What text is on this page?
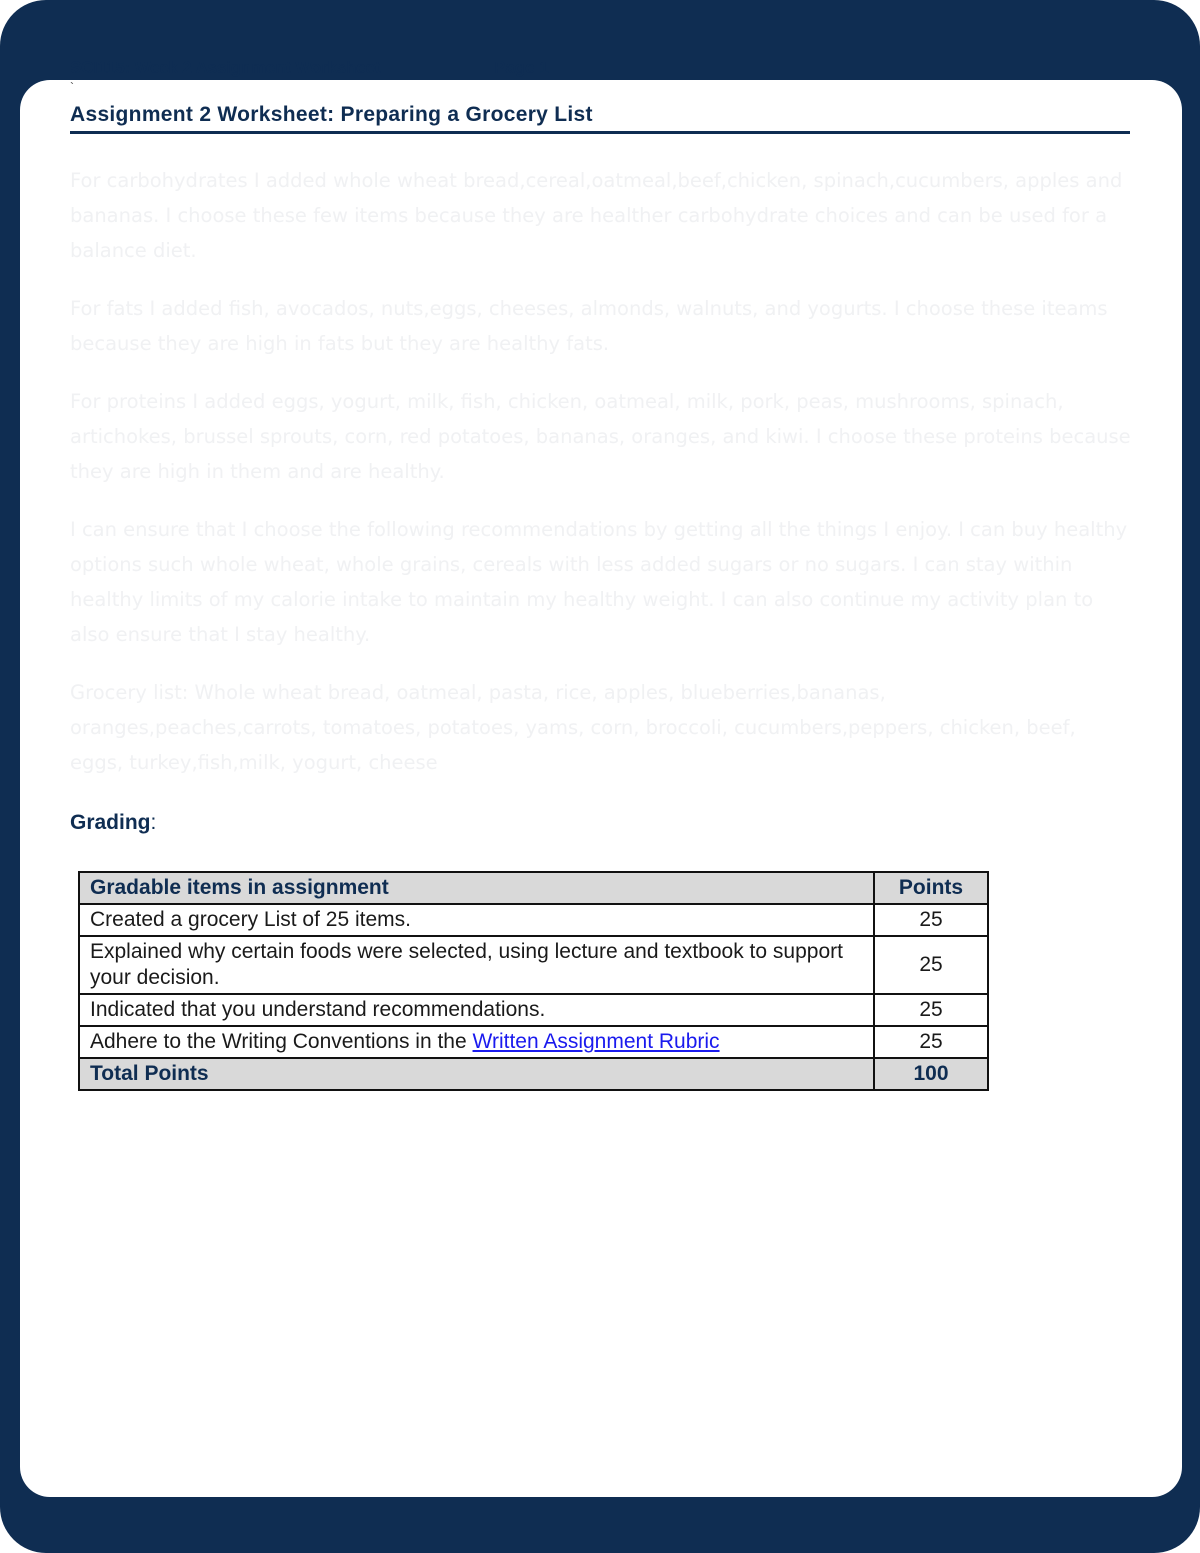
SCI115: Week 2 Assignment Worksheet	Page 1
`
Assignment 2 Worksheet: Preparing a Grocery List

For carbohydrates I added whole wheat bread,cereal,oatmeal,beef,chicken, spinach,cucumbers, apples and bananas. I choose these few items because they are healther carbohydrate choices and can be used for a balance diet.

For fats I added fish, avocados, nuts,eggs, cheeses, almonds, walnuts, and yogurts. I choose these iteams because they are high in fats but they are healthy fats.

For proteins I added eggs, yogurt, milk, fish, chicken, oatmeal, milk, pork, peas, mushrooms, spinach, artichokes, brussel sprouts, corn, red potatoes, bananas, oranges, and kiwi. I choose these proteins because they are high in them and are healthy.

I can ensure that I choose the following recommendations by getting all the things I enjoy. I can buy healthy options such whole wheat, whole grains, cereals with less added sugars or no sugars. I can stay within healthy limits of my calorie intake to maintain my healthy weight. I can also continue my activity plan to also ensure that I stay healthy.

Grocery list: Whole wheat bread, oatmeal, pasta, rice, apples, blueberries,bananas, oranges,peaches,carrots, tomatoes, potatoes, yams, corn, broccoli, cucumbers,peppers, chicken, beef, eggs, turkey,fish,milk, yogurt, cheese

Grading:
Gradable items in assignment	Points
Created a grocery List of 25 items.	25
Explained why certain foods were selected, using lecture and textbook to support your decision.	25
Indicated that you understand recommendations.	25
Adhere to the Writing Conventions in the Written Assignment Rubric	25
Total Points	100
